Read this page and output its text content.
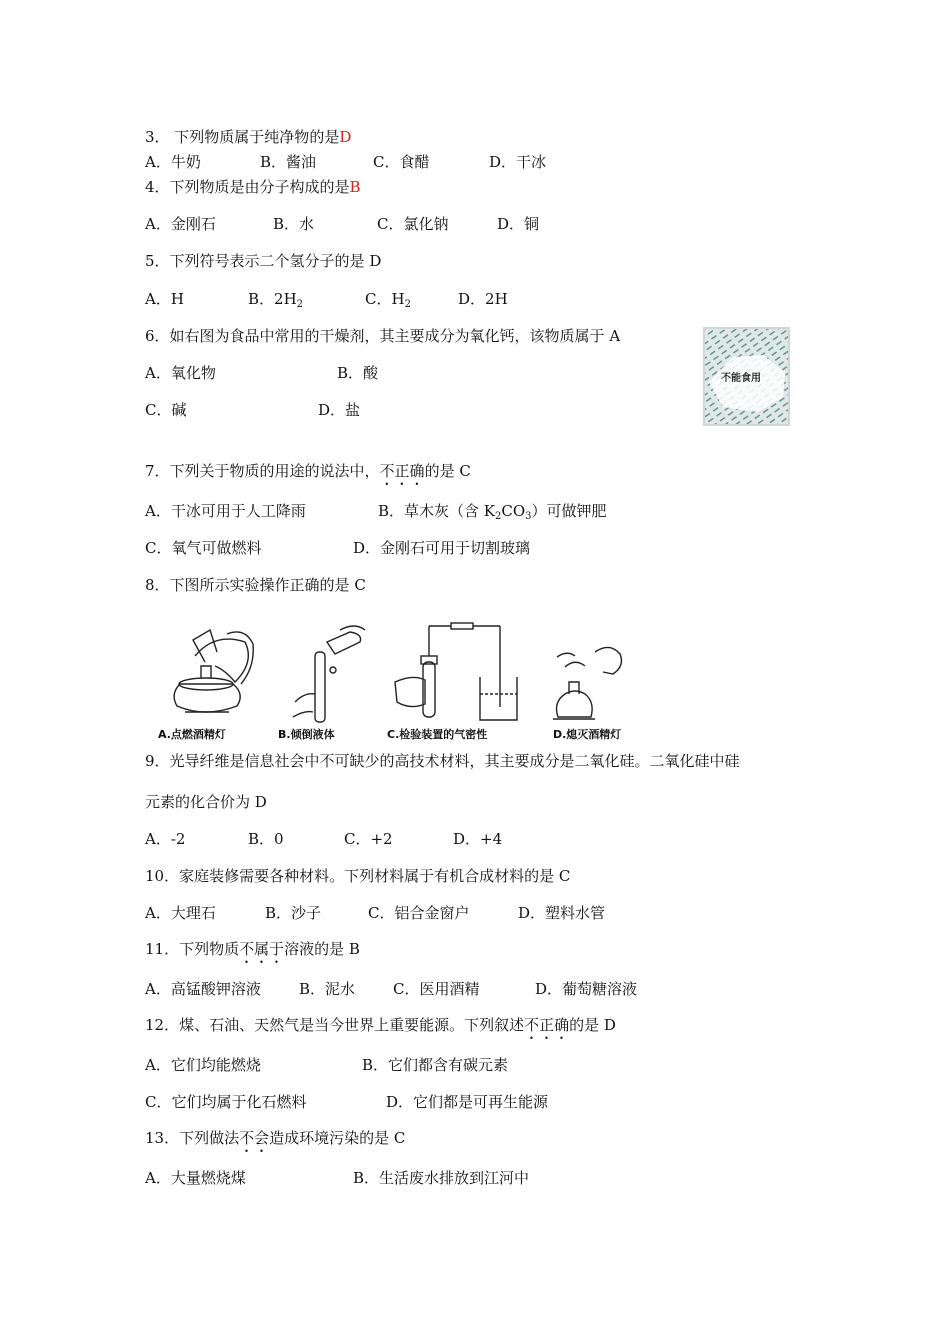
3． 下列物质属于纯净物的是D
A．牛奶	B．酱油	C．食醋	D．干冰
4．下列物质是由分子构成的是B
A．金刚石	B．水	C．氯化钠	D．铜
5．下列符号表示二个氢分子的是 D
A．H	B．$2H_2$	C．$H_2$	D．2H
6．如右图为食品中常用的干燥剂，其主要成分为氧化钙，该物质属于 A
A．氧化物	B．酸
C．碱	D．盐
不能食用
7．下列关于物质的用途的说法中，不正确的是 C
A．干冰可用于人工降雨	B．草木灰（含 $K_2CO_3$）可做钾肥
C．氧气可做燃料	D．金刚石可用于切割玻璃
8．下图所示实验操作正确的是 C
A.点燃酒精灯	B.倾倒液体	C.检验装置的气密性	D.熄灭酒精灯
9．光导纤维是信息社会中不可缺少的高技术材料，其主要成分是二氧化硅。二氧化硅中硅
元素的化合价为 D
A．-2	B．0	C．+2	D．+4
10．家庭装修需要各种材料。下列材料属于有机合成材料的是 C
A．大理石	B．沙子	C．铝合金窗户	D．塑料水管
11．下列物质不属于溶液的是 B
A．高锰酸钾溶液	B．泥水	C．医用酒精	D．葡萄糖溶液
12．煤、石油、天然气是当今世界上重要能源。下列叙述不正确的是 D
A．它们均能燃烧	B．它们都含有碳元素
C．它们均属于化石燃料	D．它们都是可再生能源
13．下列做法不会造成环境污染的是 C
A．大量燃烧煤	B．生活废水排放到江河中
